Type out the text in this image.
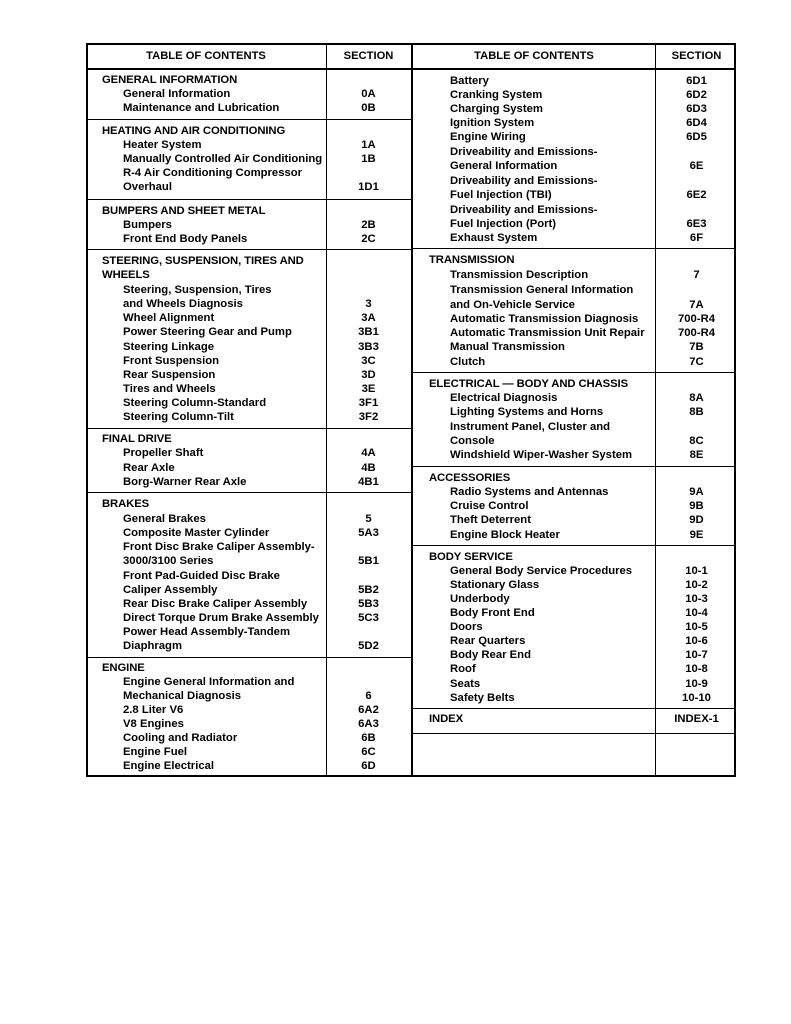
TABLE OF CONTENTS	SECTION
GENERAL INFORMATION
General Information	0A
Maintenance and Lubrication	0B
HEATING AND AIR CONDITIONING
Heater System	1A
Manually Controlled Air Conditioning	1B
R-4 Air Conditioning Compressor
Overhaul	1D1
BUMPERS AND SHEET METAL
Bumpers	2B
Front End Body Panels	2C
STEERING, SUSPENSION, TIRES AND
WHEELS
Steering, Suspension, Tires
and Wheels Diagnosis	3
Wheel Alignment	3A
Power Steering Gear and Pump	3B1
Steering Linkage	3B3
Front Suspension	3C
Rear Suspension	3D
Tires and Wheels	3E
Steering Column-Standard	3F1
Steering Column-Tilt	3F2
FINAL DRIVE
Propeller Shaft	4A
Rear Axle	4B
Borg-Warner Rear Axle	4B1
BRAKES
General Brakes	5
Composite Master Cylinder	5A3
Front Disc Brake Caliper Assembly-
3000/3100 Series	5B1
Front Pad-Guided Disc Brake
Caliper Assembly	5B2
Rear Disc Brake Caliper Assembly	5B3
Direct Torque Drum Brake Assembly	5C3
Power Head Assembly-Tandem
Diaphragm	5D2
ENGINE
Engine General Information and
Mechanical Diagnosis	6
2.8 Liter V6	6A2
V8 Engines	6A3
Cooling and Radiator	6B
Engine Fuel	6C
Engine Electrical	6D
TABLE OF CONTENTS	SECTION
Battery	6D1
Cranking System	6D2
Charging System	6D3
Ignition System	6D4
Engine Wiring	6D5
Driveability and Emissions-
General Information	6E
Driveability and Emissions-
Fuel Injection (TBI)	6E2
Driveability and Emissions-
Fuel Injection (Port)	6E3
Exhaust System	6F
TRANSMISSION
Transmission Description	7
Transmission General Information
and On-Vehicle Service	7A
Automatic Transmission Diagnosis	700-R4
Automatic Transmission Unit Repair	700-R4
Manual Transmission	7B
Clutch	7C
ELECTRICAL — BODY AND CHASSIS
Electrical Diagnosis	8A
Lighting Systems and Horns	8B
Instrument Panel, Cluster and
Console	8C
Windshield Wiper-Washer System	8E
ACCESSORIES
Radio Systems and Antennas	9A
Cruise Control	9B
Theft Deterrent	9D
Engine Block Heater	9E
BODY SERVICE
General Body Service Procedures	10-1
Stationary Glass	10-2
Underbody	10-3
Body Front End	10-4
Doors	10-5
Rear Quarters	10-6
Body Rear End	10-7
Roof	10-8
Seats	10-9
Safety Belts	10-10
INDEX	INDEX-1
